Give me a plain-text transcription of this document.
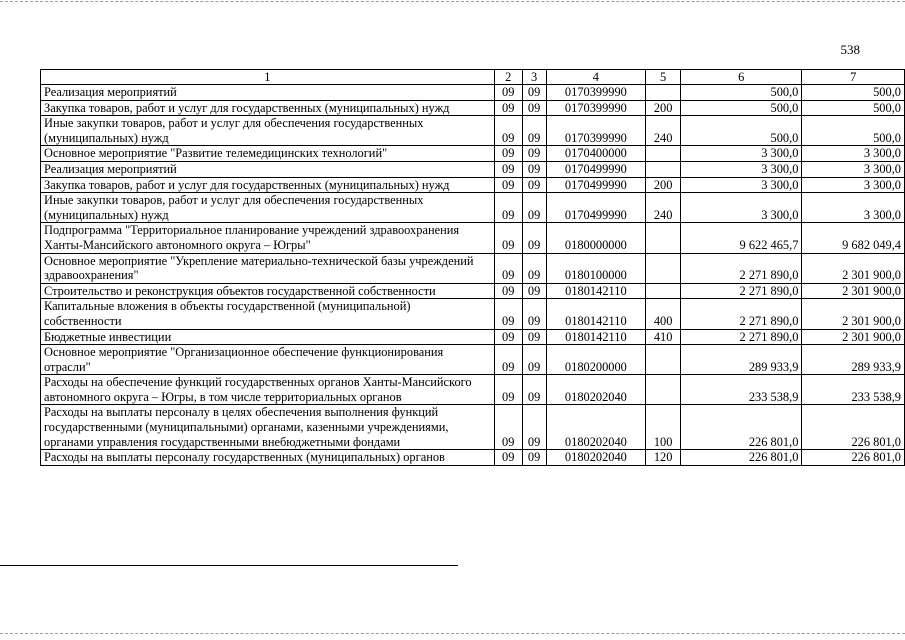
538
1	2	3	4	5	6	7
Реализация мероприятий	09	09	0170399990		500,0	500,0
Закупка товаров, работ и услуг для государственных (муниципальных) нужд	09	09	0170399990	200	500,0	500,0
Иные закупки товаров, работ и услуг для обеспечения государственных (муниципальных) нужд	09	09	0170399990	240	500,0	500,0
Основное мероприятие "Развитие телемедицинских технологий"	09	09	0170400000		3 300,0	3 300,0
Реализация мероприятий	09	09	0170499990		3 300,0	3 300,0
Закупка товаров, работ и услуг для государственных (муниципальных) нужд	09	09	0170499990	200	3 300,0	3 300,0
Иные закупки товаров, работ и услуг для обеспечения государственных (муниципальных) нужд	09	09	0170499990	240	3 300,0	3 300,0
Подпрограмма "Территориальное планирование учреждений здравоохранения Ханты-Мансийского автономного округа – Югры"	09	09	0180000000		9 622 465,7	9 682 049,4
Основное мероприятие "Укрепление материально-технической базы учреждений здравоохранения"	09	09	0180100000		2 271 890,0	2 301 900,0
Строительство и реконструкция объектов государственной собственности	09	09	0180142110		2 271 890,0	2 301 900,0
Капитальные вложения в объекты государственной (муниципальной) собственности	09	09	0180142110	400	2 271 890,0	2 301 900,0
Бюджетные инвестиции	09	09	0180142110	410	2 271 890,0	2 301 900,0
Основное мероприятие "Организационное обеспечение функционирования отрасли"	09	09	0180200000		289 933,9	289 933,9
Расходы на обеспечение функций государственных органов Ханты-Мансийского автономного округа – Югры, в том числе территориальных органов	09	09	0180202040		233 538,9	233 538,9
Расходы на выплаты персоналу в целях обеспечения выполнения функций государственными (муниципальными) органами, казенными учреждениями, органами управления государственными внебюджетными фондами	09	09	0180202040	100	226 801,0	226 801,0
Расходы на выплаты персоналу государственных (муниципальных) органов	09	09	0180202040	120	226 801,0	226 801,0
